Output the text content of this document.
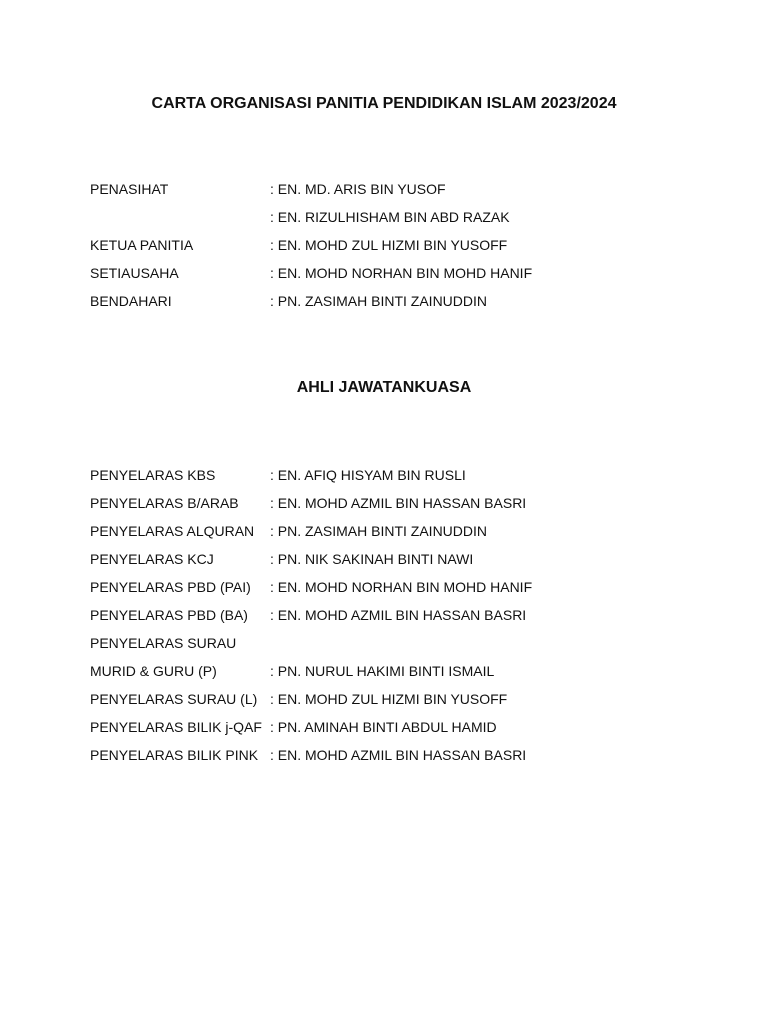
CARTA ORGANISASI PANITIA PENDIDIKAN ISLAM 2023/2024
PENASIHAT	: EN. MD. ARIS BIN YUSOF
: EN. RIZULHISHAM BIN ABD RAZAK
KETUA PANITIA	: EN. MOHD ZUL HIZMI BIN YUSOFF
SETIAUSAHA	: EN. MOHD NORHAN BIN MOHD HANIF
BENDAHARI	: PN. ZASIMAH BINTI ZAINUDDIN
AHLI JAWATANKUASA
PENYELARAS KBS	: EN. AFIQ HISYAM BIN RUSLI
PENYELARAS B/ARAB	: EN. MOHD AZMIL BIN HASSAN BASRI
PENYELARAS ALQURAN	: PN. ZASIMAH BINTI ZAINUDDIN
PENYELARAS KCJ	: PN. NIK SAKINAH BINTI NAWI
PENYELARAS PBD (PAI)	: EN. MOHD NORHAN BIN MOHD HANIF
PENYELARAS PBD (BA)	: EN. MOHD AZMIL BIN HASSAN BASRI
PENYELARAS SURAU
MURID & GURU (P)	: PN. NURUL HAKIMI BINTI ISMAIL
PENYELARAS SURAU (L) : EN. MOHD ZUL HIZMI BIN YUSOFF
PENYELARAS BILIK j-QAF : PN. AMINAH BINTI ABDUL HAMID
PENYELARAS BILIK PINK : EN. MOHD AZMIL BIN HASSAN BASRI
